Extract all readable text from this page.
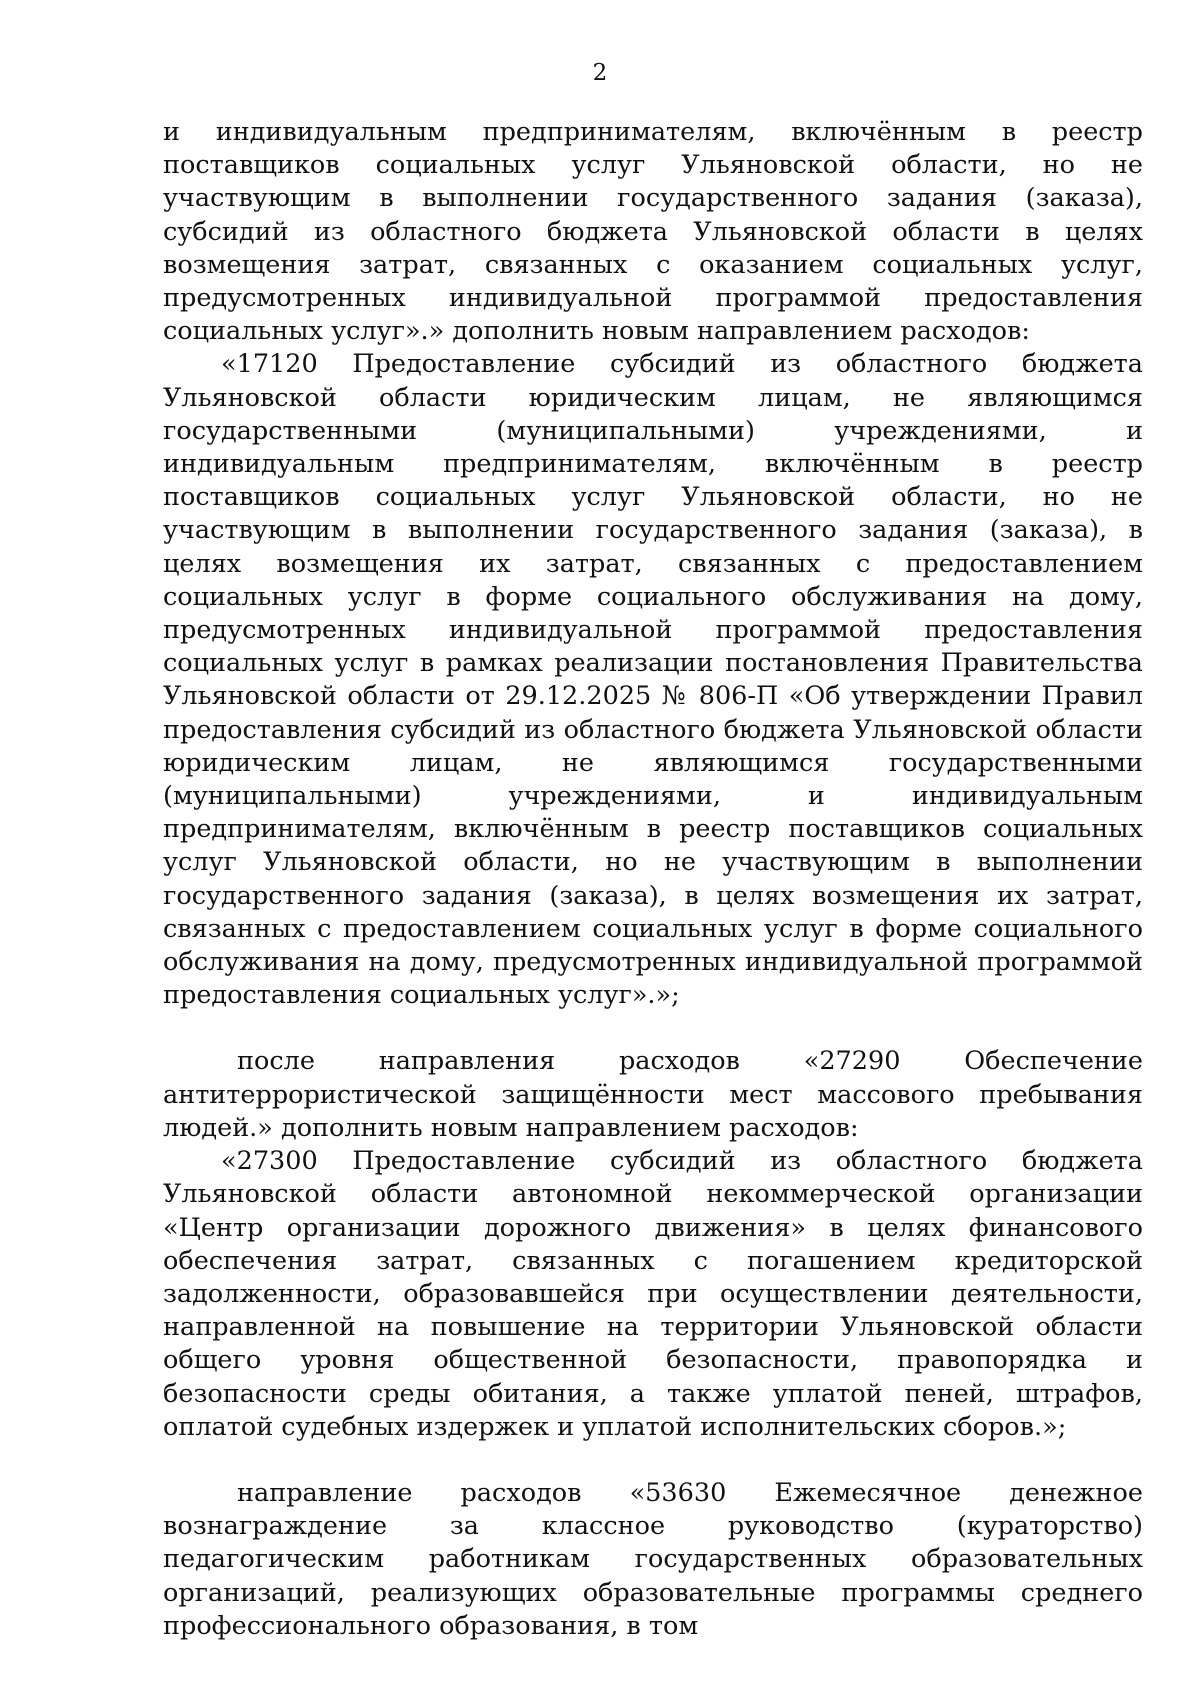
2

и индивидуальным предпринимателям, включённым в реестр поставщиков социальных услуг Ульяновской области, но не участвующим в выполнении государственного задания (заказа), субсидий из областного бюджета Ульяновской области в целях возмещения затрат, связанных с оказанием социальных услуг, предусмотренных индивидуальной программой предоставления социальных услуг».» дополнить новым направлением расходов:

«17120 Предоставление субсидий из областного бюджета Ульяновской области юридическим лицам, не являющимся государственными (муниципальными) учреждениями, и индивидуальным предпринимателям, включённым в реестр поставщиков социальных услуг Ульяновской области, но не участвующим в выполнении государственного задания (заказа), в целях возмещения их затрат, связанных с предоставлением социальных услуг в форме социального обслуживания на дому, предусмотренных индивидуальной программой предоставления социальных услуг в рамках реализации постановления Правительства Ульяновской области от 29.12.2025 № 806-П «Об утверждении Правил предоставления субсидий из областного бюджета Ульяновской области юридическим лицам, не являющимся государственными (муниципальными) учреждениями, и индивидуальным предпринимателям, включённым в реестр поставщиков социальных услуг Ульяновской области, но не участвующим в выполнении государственного задания (заказа), в целях возмещения их затрат, связанных с предоставлением социальных услуг в форме социального обслуживания на дому, предусмотренных индивидуальной программой предоставления социальных услуг».»;

после направления расходов «27290 Обеспечение антитеррористической защищённости мест массового пребывания людей.» дополнить новым направлением расходов:

«27300 Предоставление субсидий из областного бюджета Ульяновской области автономной некоммерческой организации «Центр организации дорожного движения» в целях финансового обеспечения затрат, связанных с погашением кредиторской задолженности, образовавшейся при осуществлении деятельности, направленной на повышение на территории Ульяновской области общего уровня общественной безопасности, правопорядка и безопасности среды обитания, а также уплатой пеней, штрафов, оплатой судебных издержек и уплатой исполнительских сборов.»;

направление расходов «53630 Ежемесячное денежное вознаграждение за классное руководство (кураторство) педагогическим работникам государственных образовательных организаций, реализующих образовательные программы среднего профессионального образования, в том
